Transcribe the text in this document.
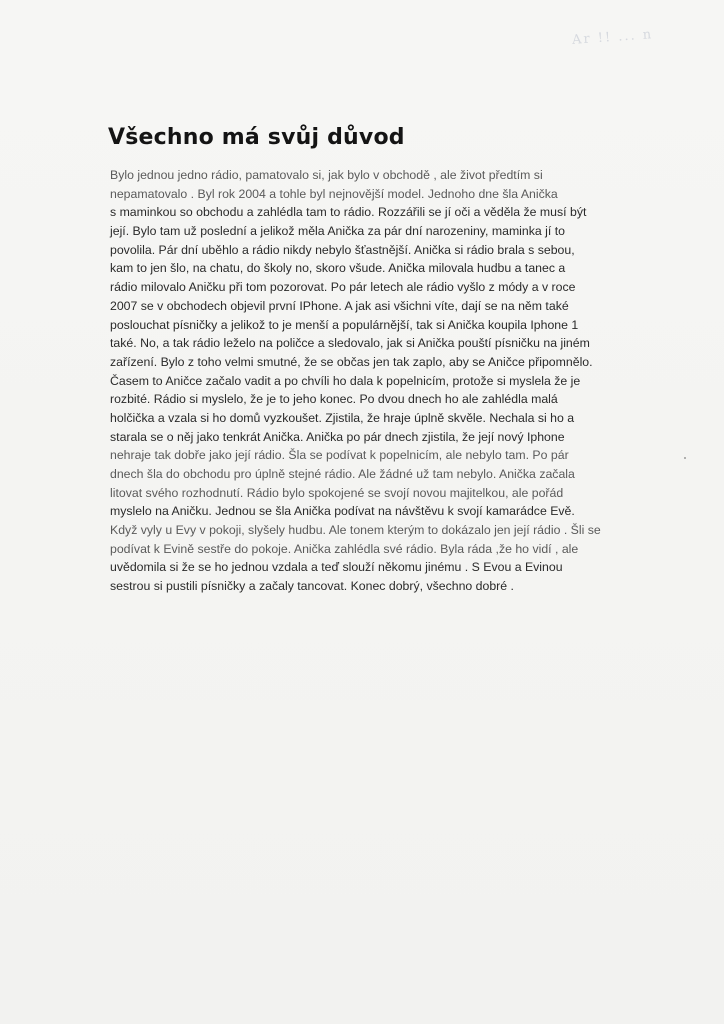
Ar !! ... n
Všechno má svůj důvod
Bylo jednou jedno rádio, pamatovalo si, jak bylo v obchodě , ale život předtím si
nepamatovalo . Byl rok 2004 a tohle byl nejnovější model. Jednoho dne šla Anička
s maminkou so obchodu a zahlédla tam to rádio. Rozzářili se jí oči a věděla že musí být
její. Bylo tam už poslední a jelikož měla Anička za pár dní narozeniny, maminka jí to
povolila. Pár dní uběhlo a rádio nikdy nebylo šťastnější. Anička si rádio brala s sebou,
kam to jen šlo, na chatu, do školy no, skoro všude. Anička milovala hudbu a tanec a
rádio milovalo Aničku při tom pozorovat. Po pár letech ale rádio vyšlo z módy a v roce
2007 se v obchodech objevil první IPhone. A jak asi všichni víte, dají se na něm také
poslouchat písničky a jelikož to je menší a populárnější, tak si Anička koupila Iphone 1
také. No, a tak rádio leželo na poličce a sledovalo, jak si Anička pouští písničku na jiném
zařízení. Bylo z toho velmi smutné, že se občas jen tak zaplo, aby se Aničce připomnělo.
Časem to Aničce začalo vadit a po chvíli ho dala k popelnicím, protože si myslela že je
rozbité. Rádio si myslelo, že je to jeho konec. Po dvou dnech ho ale zahlédla malá
holčička a vzala si ho domů vyzkoušet. Zjistila, že hraje úplně skvěle. Nechala si ho a
starala se o něj jako tenkrát Anička. Anička po pár dnech zjistila, že její nový Iphone
nehraje tak dobře jako její rádio. Šla se podívat k popelnicím, ale nebylo tam. Po pár
dnech šla do obchodu pro úplně stejné rádio. Ale žádné už tam nebylo. Anička začala
litovat svého rozhodnutí. Rádio bylo spokojené se svojí novou majitelkou, ale pořád
myslelo na Aničku. Jednou se šla Anička podívat na návštěvu k svojí kamarádce Evě.
Když vyly u Evy v pokoji, slyšely hudbu. Ale tonem kterým to dokázalo jen její rádio . Šli se
podívat k Evině sestře do pokoje. Anička zahlédla své rádio. Byla ráda ,že ho vidí , ale
uvědomila si že se ho jednou vzdala a teď slouží někomu jinému . S Evou a Evinou
sestrou si pustili písničky a začaly tancovat. Konec dobrý, všechno dobré .
